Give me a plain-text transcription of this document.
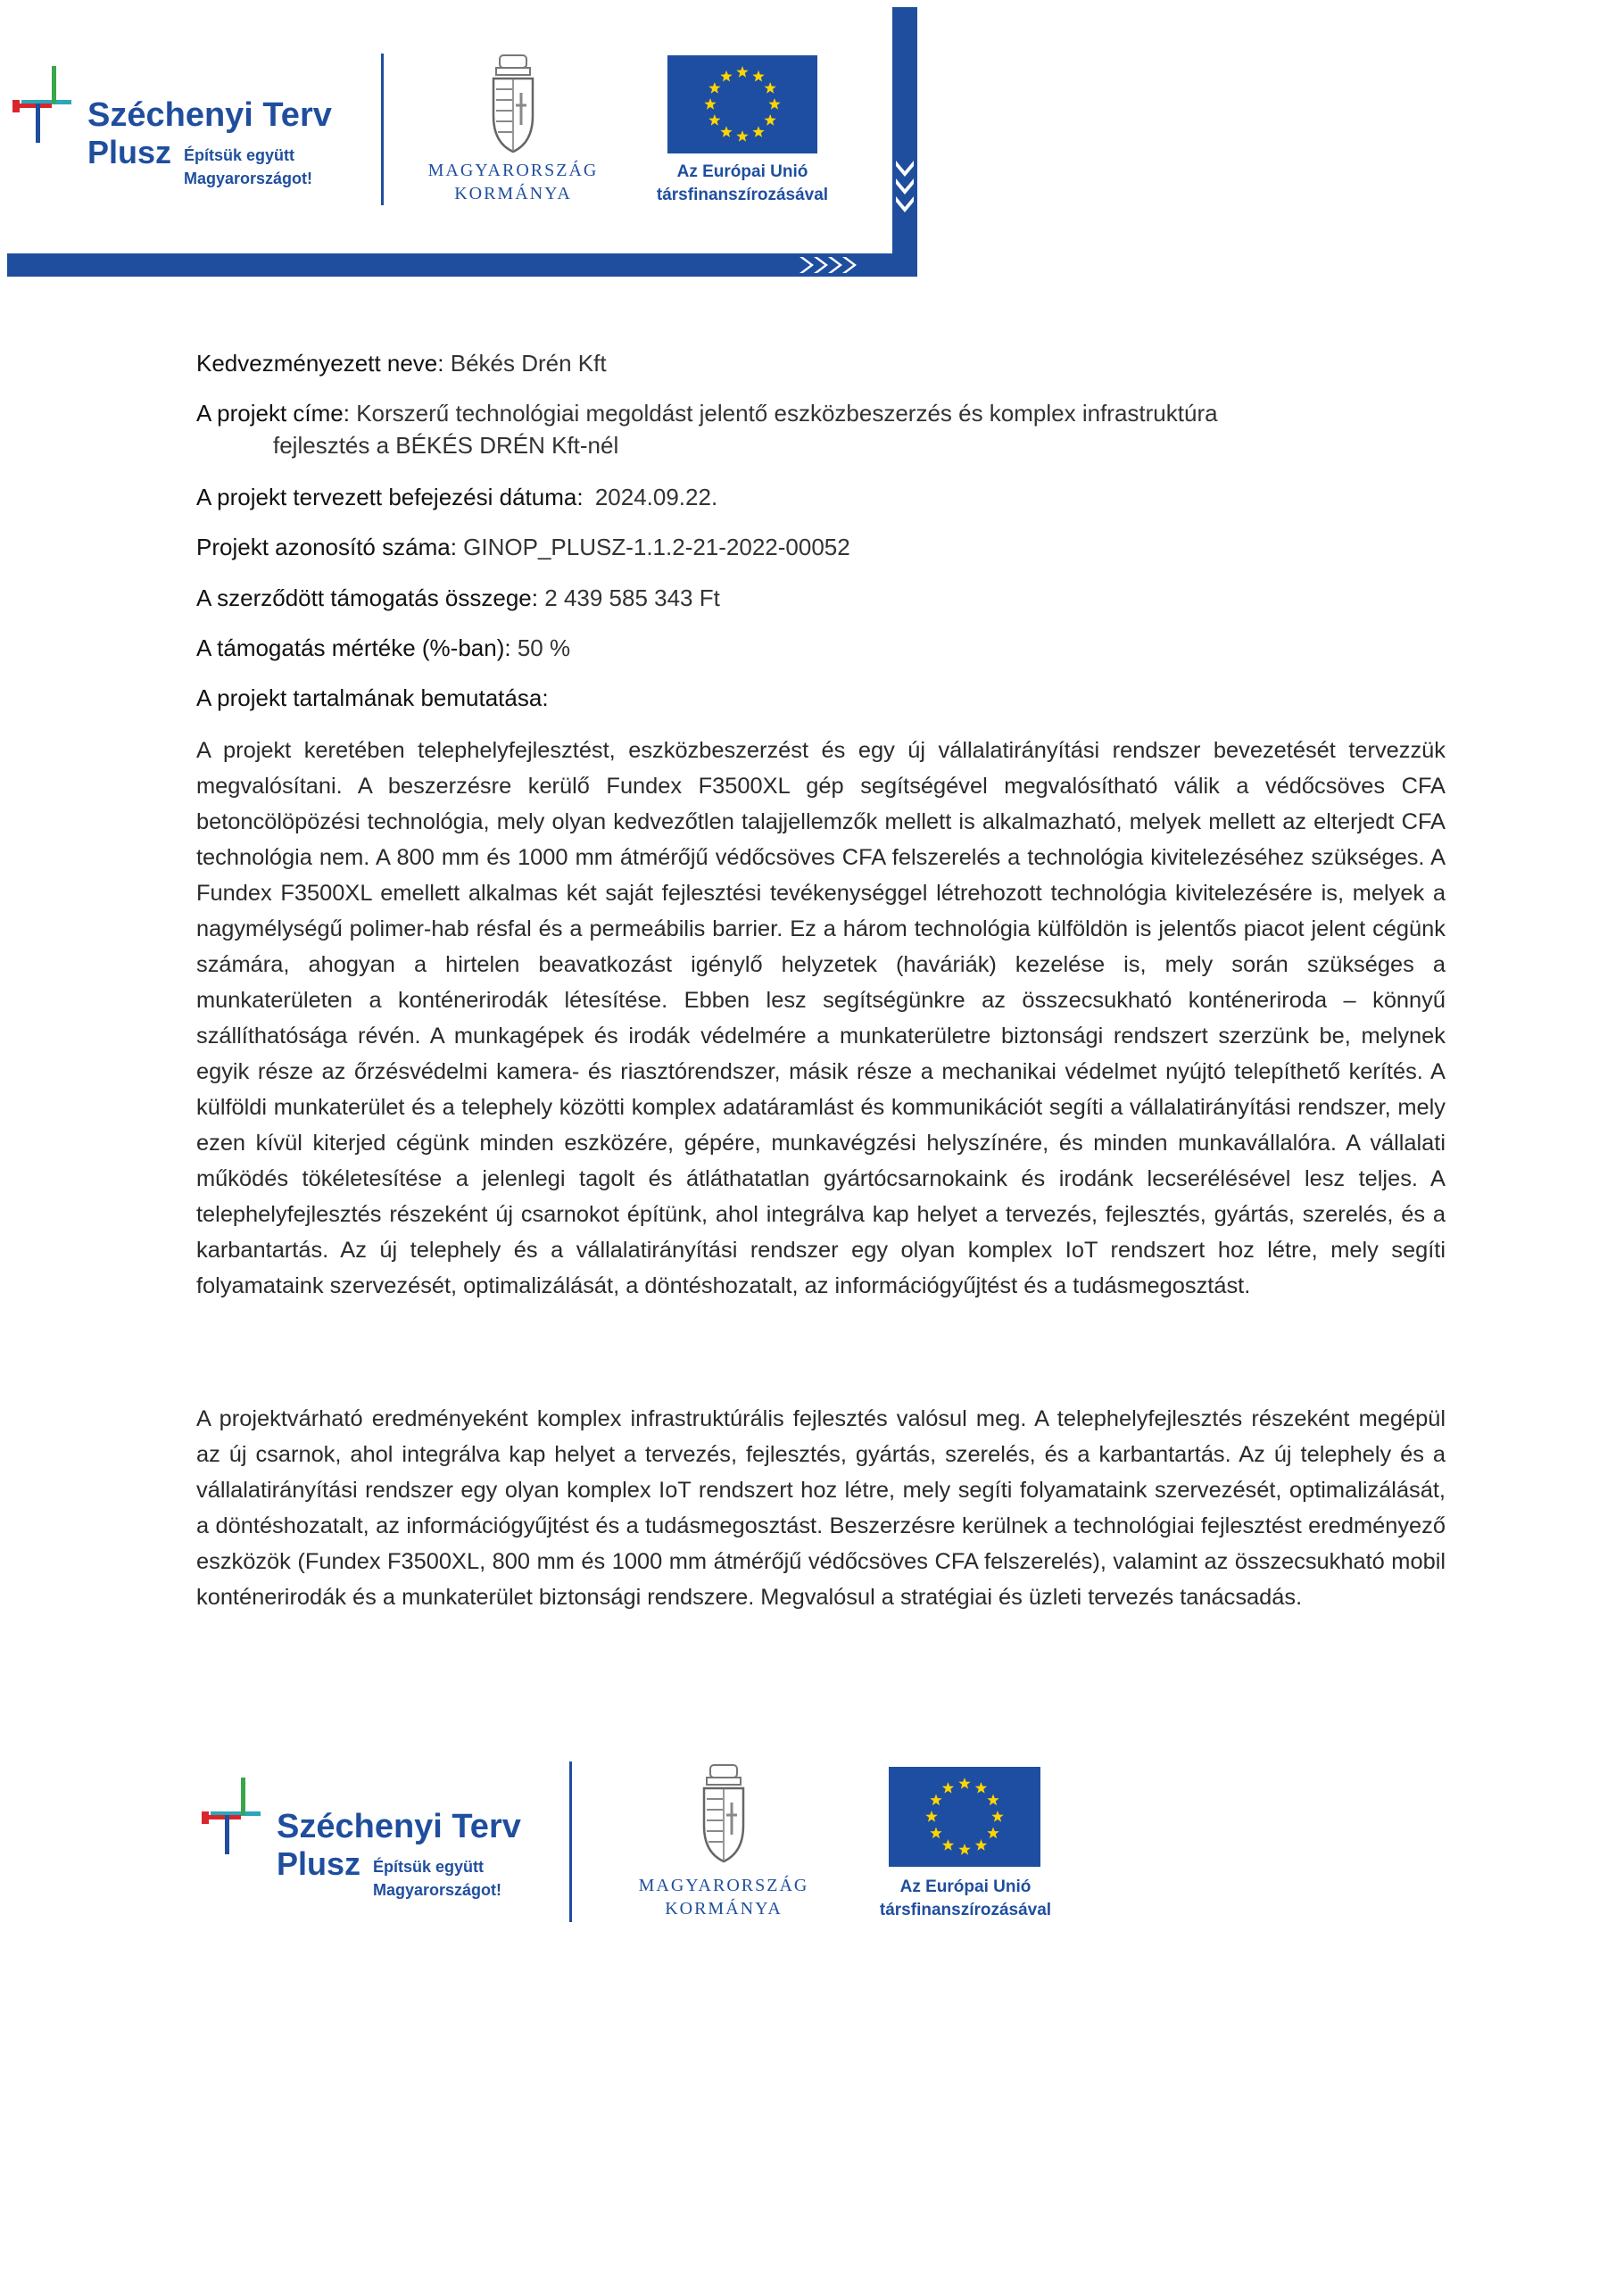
Széchenyi Terv
Plusz Építsük együtt
Magyarországot!	MAGYARORSZÁG
KORMÁNYA
Az Európai Unió
társfinanszírozásával
Kedvezményezett neve: Békés Drén Kft
A projekt címe: Korszerű technológiai megoldást jelentő eszközbeszerzés és komplex infrastruktúra
fejlesztés a BÉKÉS DRÉN Kft-nél
A projekt tervezett befejezési dátuma: 2024.09.22.
Projekt azonosító száma: GINOP_PLUSZ-1.1.2-21-2022-00052
A szerződött támogatás összege: 2 439 585 343 Ft
A támogatás mértéke (%-ban): 50 %
A projekt tartalmának bemutatása:

A projekt keretében telephelyfejlesztést, eszközbeszerzést és egy új vállalatirányítási rendszer bevezetését tervezzük megvalósítani. A beszerzésre kerülő Fundex F3500XL gép segítségével megvalósítható válik a védőcsöves CFA betoncölöpözési technológia, mely olyan kedvezőtlen talajjellemzők mellett is alkalmazható, melyek mellett az elterjedt CFA technológia nem. A 800 mm és 1000 mm átmérőjű védőcsöves CFA felszerelés a technológia kivitelezéséhez szükséges. A Fundex F3500XL emellett alkalmas két saját fejlesztési tevékenységgel létrehozott technológia kivitelezésére is, melyek a nagymélységű polimer-hab résfal és a permeábilis barrier. Ez a három technológia külföldön is jelentős piacot jelent cégünk számára, ahogyan a hirtelen beavatkozást igénylő helyzetek (haváriák) kezelése is, mely során szükséges a munkaterületen a konténerirodák létesítése. Ebben lesz segítségünkre az összecsukható konténeriroda – könnyű szállíthatósága révén. A munkagépek és irodák védelmére a munkaterületre biztonsági rendszert szerzünk be, melynek egyik része az őrzésvédelmi kamera- és riasztórendszer, másik része a mechanikai védelmet nyújtó telepíthető kerítés. A külföldi munkaterület és a telephely közötti komplex adatáramlást és kommunikációt segíti a vállalatirányítási rendszer, mely ezen kívül kiterjed cégünk minden eszközére, gépére, munkavégzési helyszínére, és minden munkavállalóra. A vállalati működés tökéletesítése a jelenlegi tagolt és átláthatatlan gyártócsarnokaink és irodánk lecserélésével lesz teljes. A telephelyfejlesztés részeként új csarnokot építünk, ahol integrálva kap helyet a tervezés, fejlesztés, gyártás, szerelés, és a karbantartás. Az új telephely és a vállalatirányítási rendszer egy olyan komplex IoT rendszert hoz létre, mely segíti folyamataink szervezését, optimalizálását, a döntéshozatalt, az információgyűjtést és a tudásmegosztást.

A projektvárható eredményeként komplex infrastruktúrális fejlesztés valósul meg. A telephelyfejlesztés részeként megépül az új csarnok, ahol integrálva kap helyet a tervezés, fejlesztés, gyártás, szerelés, és a karbantartás. Az új telephely és a vállalatirányítási rendszer egy olyan komplex IoT rendszert hoz létre, mely segíti folyamataink szervezését, optimalizálását, a döntéshozatalt, az információgyűjtést és a tudásmegosztást. Beszerzésre kerülnek a technológiai fejlesztést eredményező eszközök (Fundex F3500XL, 800 mm és 1000 mm átmérőjű védőcsöves CFA felszerelés), valamint az összecsukható mobil konténerirodák és a munkaterület biztonsági rendszere. Megvalósul a stratégiai és üzleti tervezés tanácsadás.

Széchenyi Terv
Plusz Építsük együtt
Magyarországot!	MAGYARORSZÁG
KORMÁNYA
Az Európai Unió
társfinanszírozásával
